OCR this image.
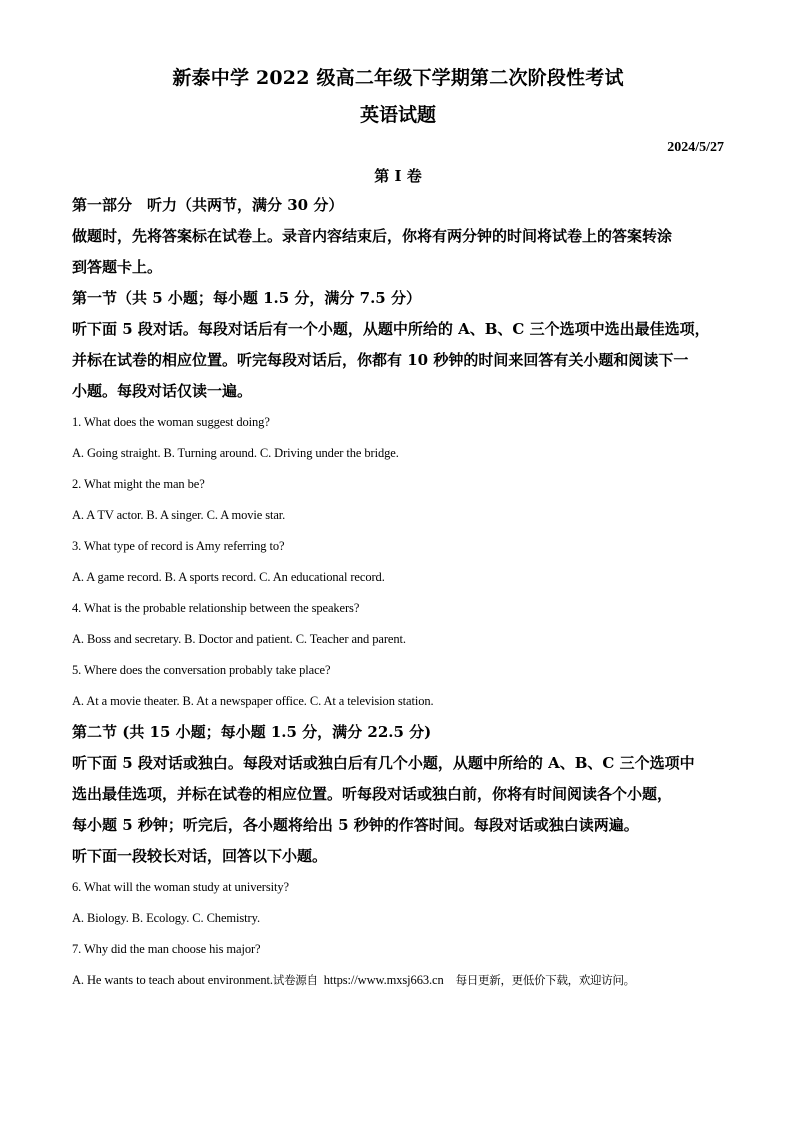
新泰中学 2022 级高二年级下学期第二次阶段性考试

英语试题

2024/5/27
第 I 卷

第一部分　听力（共两节，满分 30 分）

做题时，先将答案标在试卷上。录音内容结束后，你将有两分钟的时间将试卷上的答案转涂

到答题卡上。

第一节（共 5 小题；每小题 1.5 分，满分 7.5 分）

听下面 5 段对话。每段对话后有一个小题，从题中所给的 A、B、C 三个选项中选出最佳选项，

并标在试卷的相应位置。听完每段对话后，你都有 10 秒钟的时间来回答有关小题和阅读下一

小题。每段对话仅读一遍。

1. What does the woman suggest doing?

A. Going straight. B. Turning around. C. Driving under the bridge.

2. What might the man be?

A. A TV actor. B. A singer. C. A movie star.

3. What type of record is Amy referring to?

A. A game record. B. A sports record. C. An educational record.

4. What is the probable relationship between the speakers?

A. Boss and secretary. B. Doctor and patient. C. Teacher and parent.

5. Where does the conversation probably take place?

A. At a movie theater. B. At a newspaper office. C. At a television station.

第二节 (共 15 小题；每小题 1.5 分，满分 22.5 分)

听下面 5 段对话或独白。每段对话或独白后有几个小题，从题中所给的 A、B、C 三个选项中

选出最佳选项，并标在试卷的相应位置。听每段对话或独白前，你将有时间阅读各个小题，

每小题 5 秒钟；听完后，各小题将给出 5 秒钟的作答时间。每段对话或独白读两遍。

听下面一段较长对话，回答以下小题。

6. What will the woman study at university?

A. Biology. B. Ecology. C. Chemistry.

7. Why did the man choose his major?

A. He wants to teach about environment.试卷源自 https://www.mxsj663.cn 每日更新，更低价下载，欢迎访问。
